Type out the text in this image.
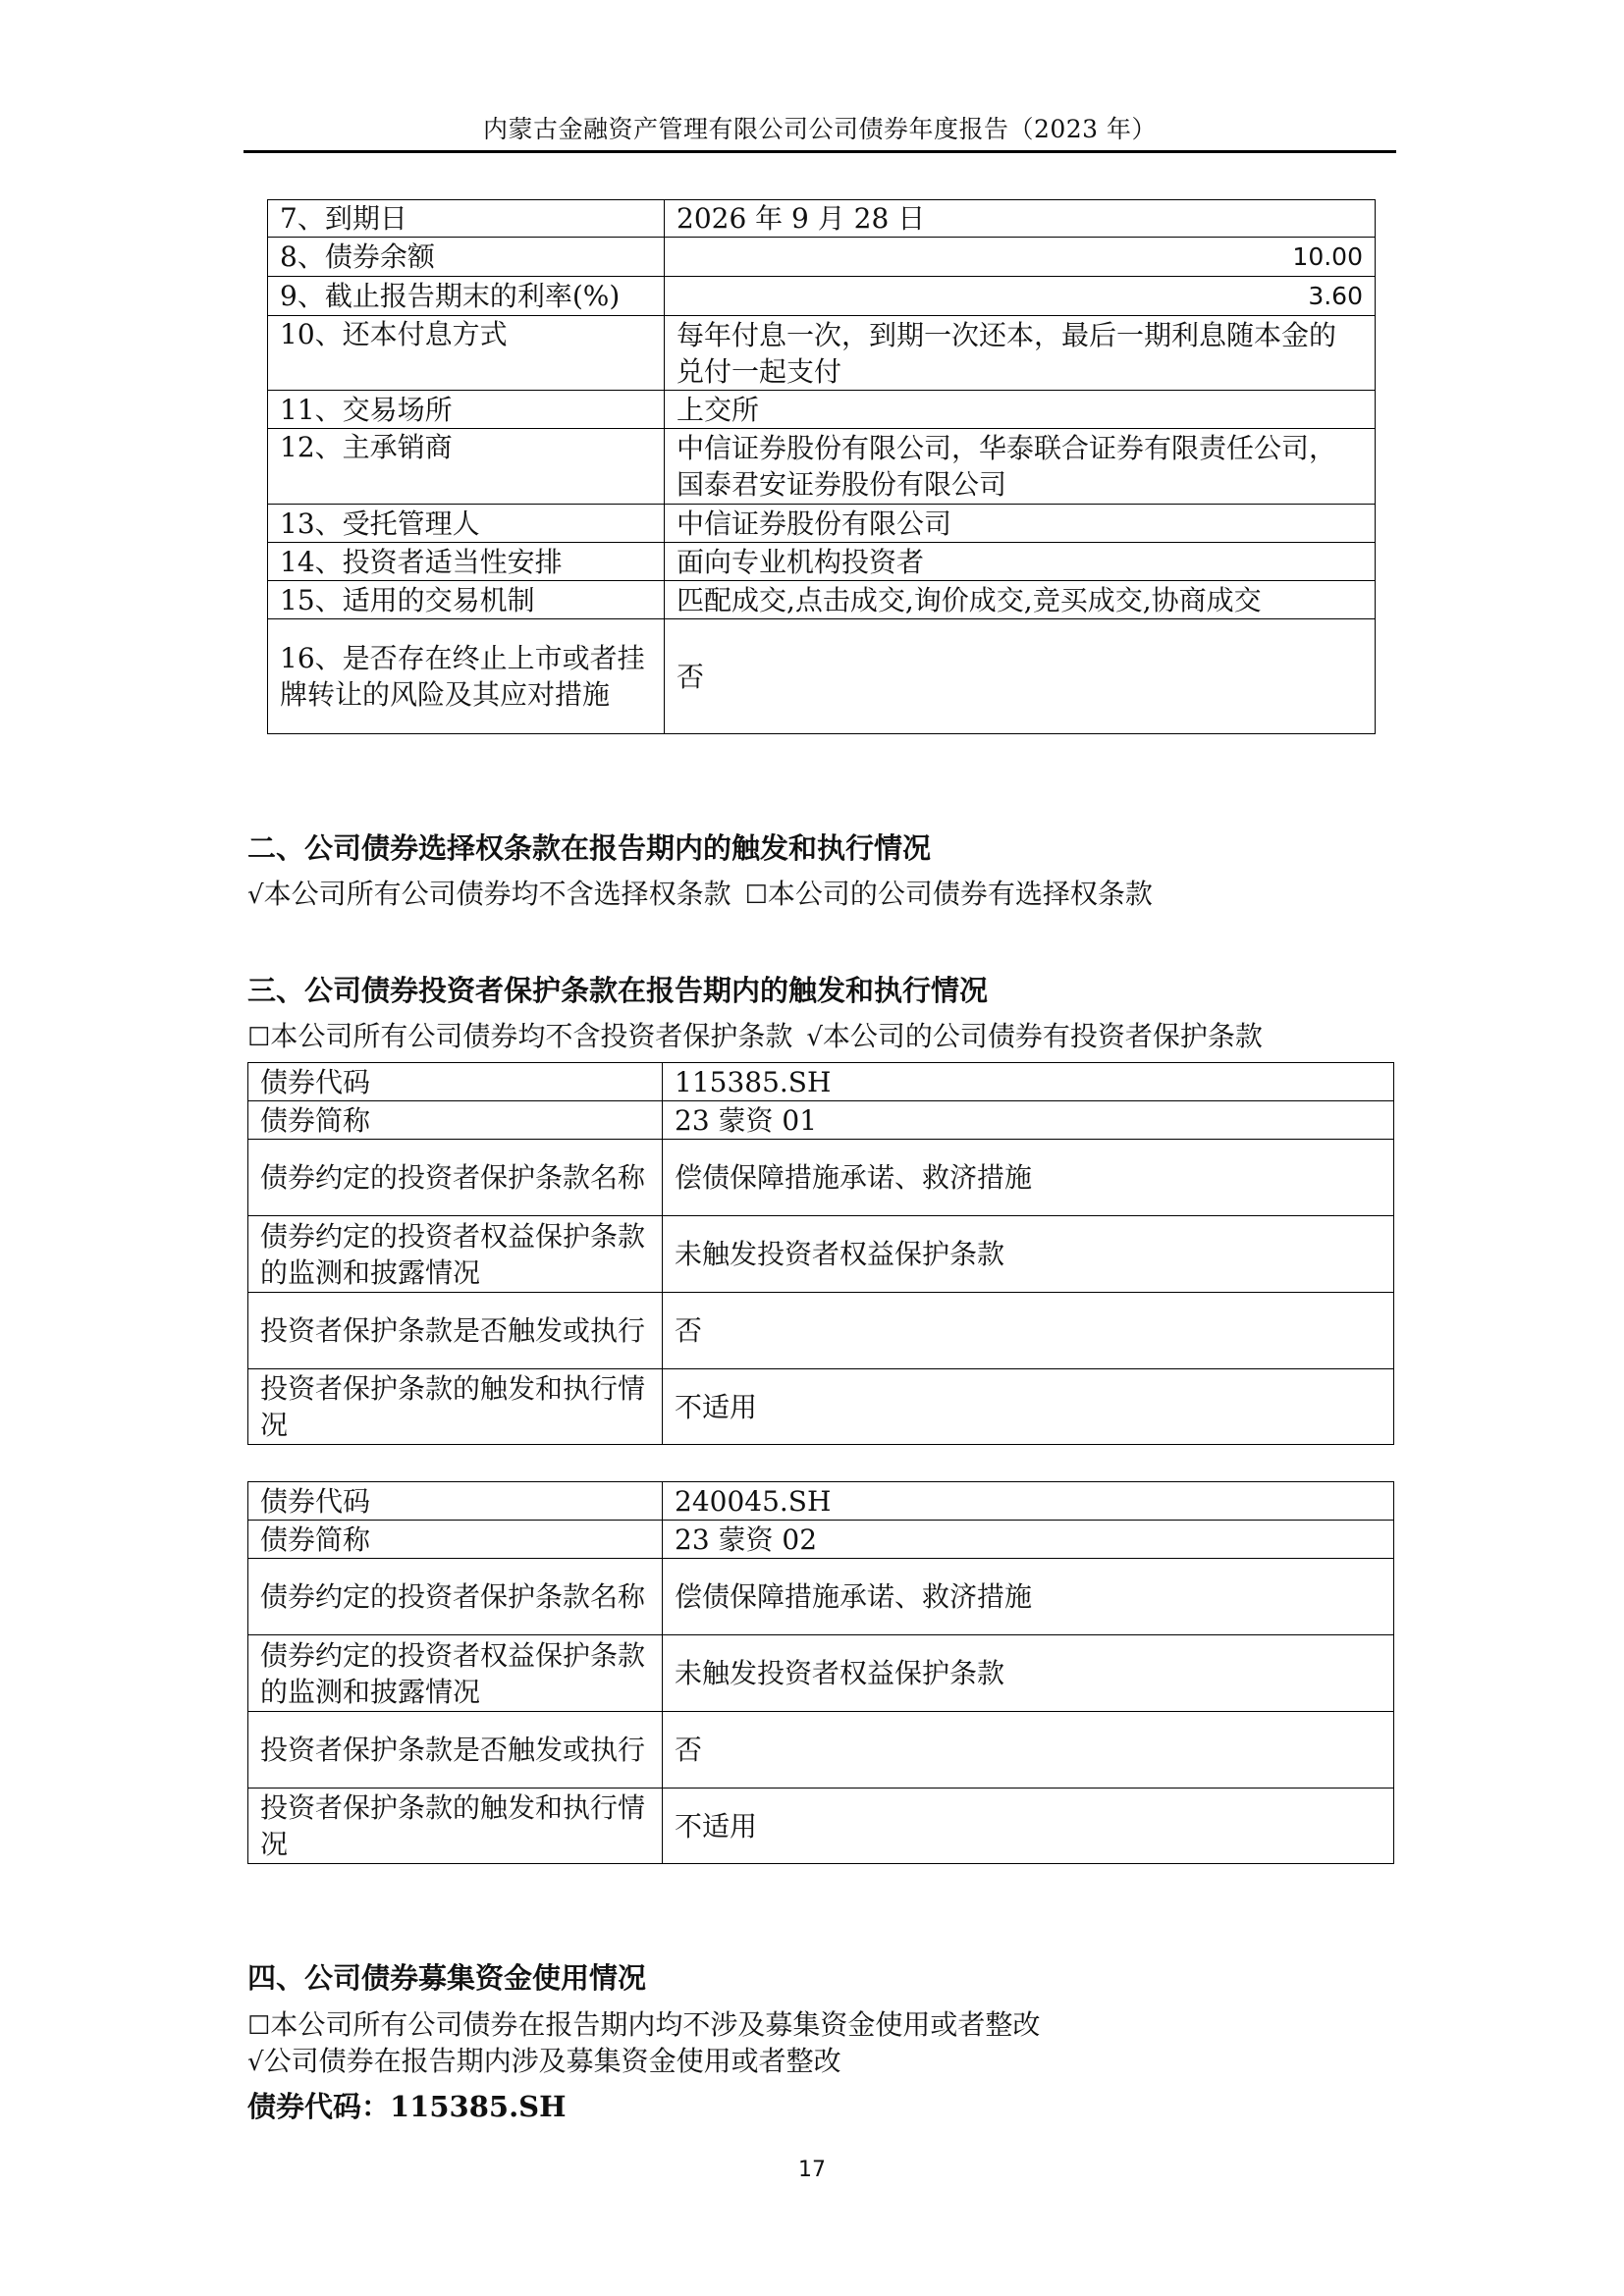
内蒙古金融资产管理有限公司公司债券年度报告（2023 年）
7、到期日	2026 年 9 月 28 日
8、债券余额	10.00
9、截止报告期末的利率(%)	3.60
10、还本付息方式	每年付息一次，到期一次还本，最后一期利息随本金的兑付一起支付
11、交易场所	上交所
12、主承销商	中信证券股份有限公司，华泰联合证券有限责任公司，国泰君安证券股份有限公司
13、受托管理人	中信证券股份有限公司
14、投资者适当性安排	面向专业机构投资者
15、适用的交易机制	匹配成交,点击成交,询价成交,竞买成交,协商成交
16、是否存在终止上市或者挂牌转让的风险及其应对措施	否
二、公司债券选择权条款在报告期内的触发和执行情况
√本公司所有公司债券均不含选择权条款 ☐本公司的公司债券有选择权条款
三、公司债券投资者保护条款在报告期内的触发和执行情况
☐本公司所有公司债券均不含投资者保护条款 √本公司的公司债券有投资者保护条款
债券代码	115385.SH
债券简称	23 蒙资 01
债券约定的投资者保护条款名称	偿债保障措施承诺、救济措施
债券约定的投资者权益保护条款的监测和披露情况	未触发投资者权益保护条款
投资者保护条款是否触发或执行	否
投资者保护条款的触发和执行情况	不适用
债券代码	240045.SH
债券简称	23 蒙资 02
债券约定的投资者保护条款名称	偿债保障措施承诺、救济措施
债券约定的投资者权益保护条款的监测和披露情况	未触发投资者权益保护条款
投资者保护条款是否触发或执行	否
投资者保护条款的触发和执行情况	不适用
四、公司债券募集资金使用情况
☐本公司所有公司债券在报告期内均不涉及募集资金使用或者整改
√公司债券在报告期内涉及募集资金使用或者整改
债券代码：115385.SH
17
